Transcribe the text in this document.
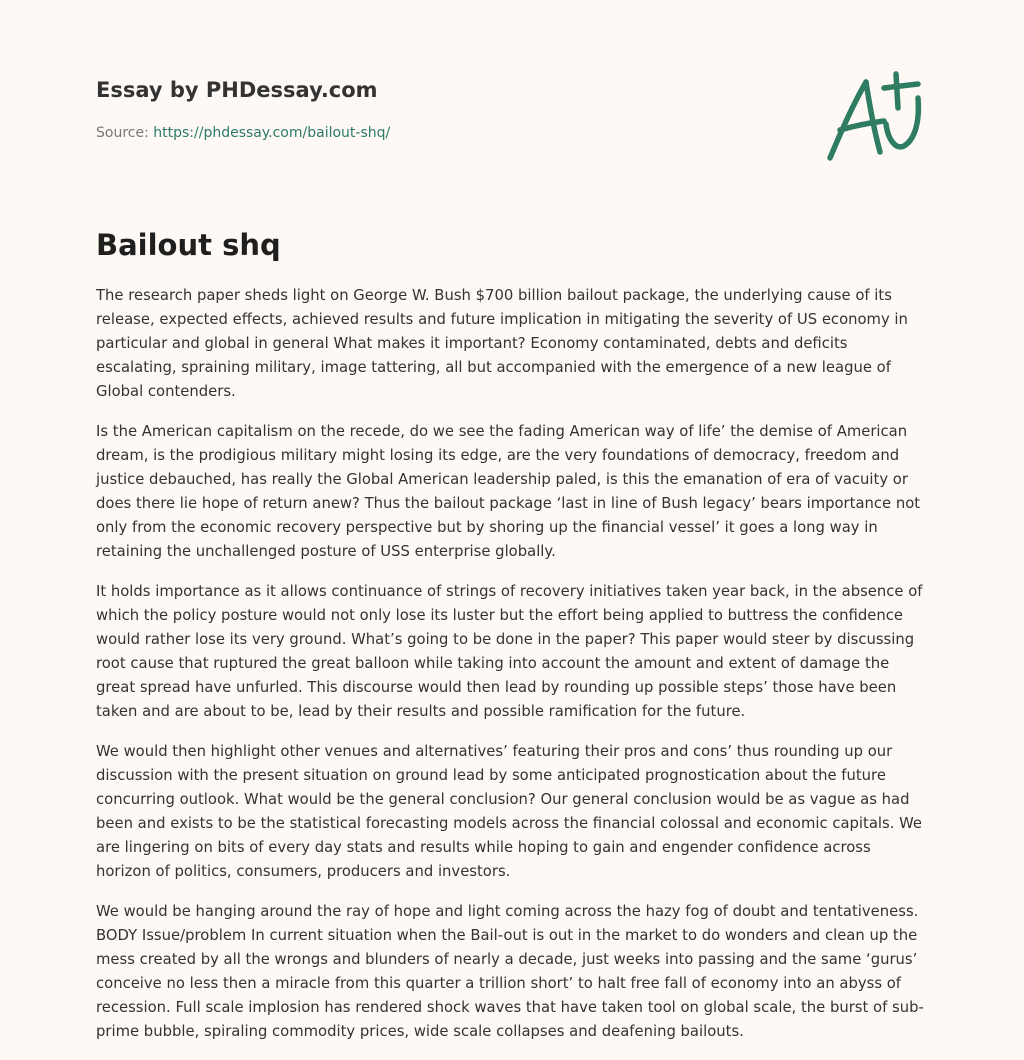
Essay by PHDessay.com
Source: https://phdessay.com/bailout-shq/
Bailout shq

The research paper sheds light on George W. Bush $700 billion bailout package, the underlying cause of its release, expected effects, achieved results and future implication in mitigating the severity of US economy in particular and global in general What makes it important? Economy contaminated, debts and deficits escalating, spraining military, image tattering, all but accompanied with the emergence of a new league of Global contenders.

Is the American capitalism on the recede, do we see the fading American way of life’ the demise of American dream, is the prodigious military might losing its edge, are the very foundations of democracy, freedom and justice debauched, has really the Global American leadership paled, is this the emanation of era of vacuity or does there lie hope of return anew? Thus the bailout package ‘last in line of Bush legacy’ bears importance not only from the economic recovery perspective but by shoring up the financial vessel’ it goes a long way in retaining the unchallenged posture of USS enterprise globally.

It holds importance as it allows continuance of strings of recovery initiatives taken year back, in the absence of which the policy posture would not only lose its luster but the effort being applied to buttress the confidence would rather lose its very ground. What’s going to be done in the paper? This paper would steer by discussing root cause that ruptured the great balloon while taking into account the amount and extent of damage the great spread have unfurled. This discourse would then lead by rounding up possible steps’ those have been taken and are about to be, lead by their results and possible ramification for the future.

We would then highlight other venues and alternatives’ featuring their pros and cons’ thus rounding up our discussion with the present situation on ground lead by some anticipated prognostication about the future concurring outlook. What would be the general conclusion? Our general conclusion would be as vague as had been and exists to be the statistical forecasting models across the financial colossal and economic capitals. We are lingering on bits of every day stats and results while hoping to gain and engender confidence across horizon of politics, consumers, producers and investors.

We would be hanging around the ray of hope and light coming across the hazy fog of doubt and tentativeness. BODY Issue/problem In current situation when the Bail-out is out in the market to do wonders and clean up the mess created by all the wrongs and blunders of nearly a decade, just weeks into passing and the same ‘gurus’ conceive no less then a miracle from this quarter a trillion short’ to halt free fall of economy into an abyss of recession. Full scale implosion has rendered shock waves that have taken tool on global scale, the burst of sub-prime bubble, spiraling commodity prices, wide scale collapses and deafening bailouts.
